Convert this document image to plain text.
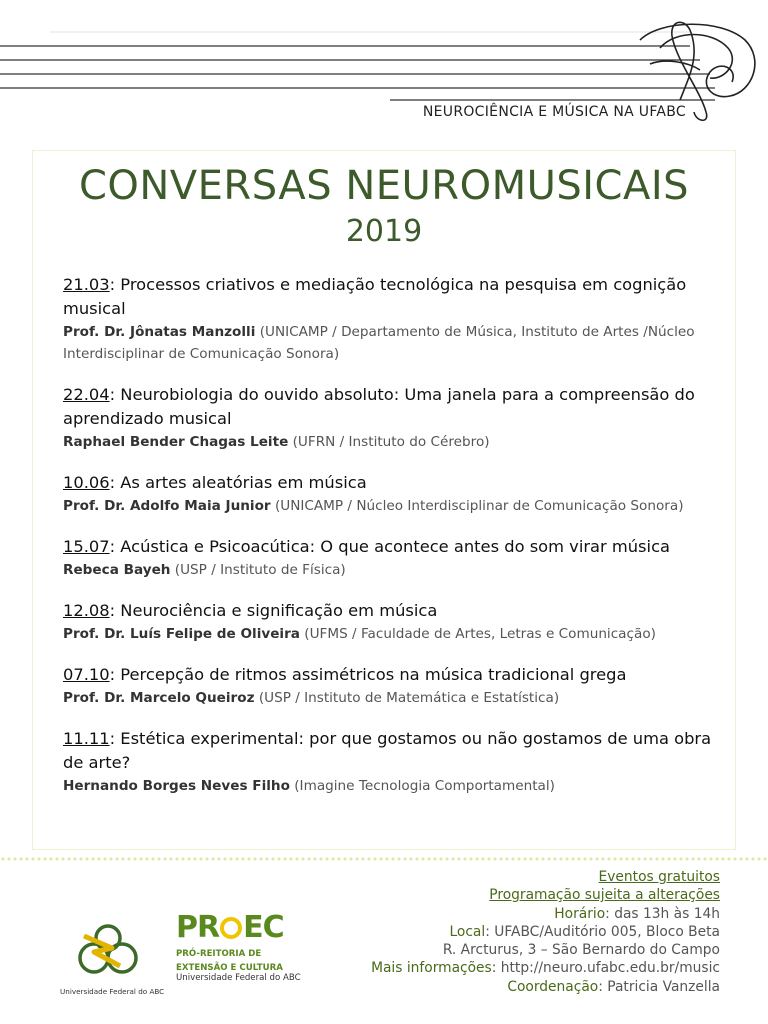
NEUROCIÊNCIA E MÚSICA NA UFABC
CONVERSAS NEUROMUSICAIS
2019
21.03: Processos criativos e mediação tecnológica na pesquisa em cognição musical
Prof. Dr. Jônatas Manzolli (UNICAMP / Departamento de Música, Instituto de Artes /Núcleo Interdisciplinar de Comunicação Sonora)
22.04: Neurobiologia do ouvido absoluto: Uma janela para a compreensão do aprendizado musical
Raphael Bender Chagas Leite (UFRN / Instituto do Cérebro)
10.06: As artes aleatórias em música
Prof. Dr. Adolfo Maia Junior (UNICAMP / Núcleo Interdisciplinar de Comunicação Sonora)
15.07: Acústica e Psicoacútica: O que acontece antes do som virar música
Rebeca Bayeh (USP / Instituto de Física)
12.08: Neurociência e significação em música
Prof. Dr. Luís Felipe de Oliveira (UFMS / Faculdade de Artes, Letras e Comunicação)
07.10: Percepção de ritmos assimétricos na música tradicional grega
Prof. Dr. Marcelo Queiroz (USP / Instituto de Matemática e Estatística)
11.11: Estética experimental: por que gostamos ou não gostamos de uma obra de arte?
Hernando Borges Neves Filho (Imagine Tecnologia Comportamental)
Eventos gratuitos
Programação sujeita a alterações
Horário: das 13h às 14h
Local: UFABC/Auditório 005, Bloco Beta
R. Arcturus, 3 – São Bernardo do Campo
Mais informações: http://neuro.ufabc.edu.br/music
Coordenação: Patricia Vanzella
Universidade Federal do ABC
PR EC
PRÓ-REITORIA DE
EXTENSÃO E CULTURA
Universidade Federal do ABC
